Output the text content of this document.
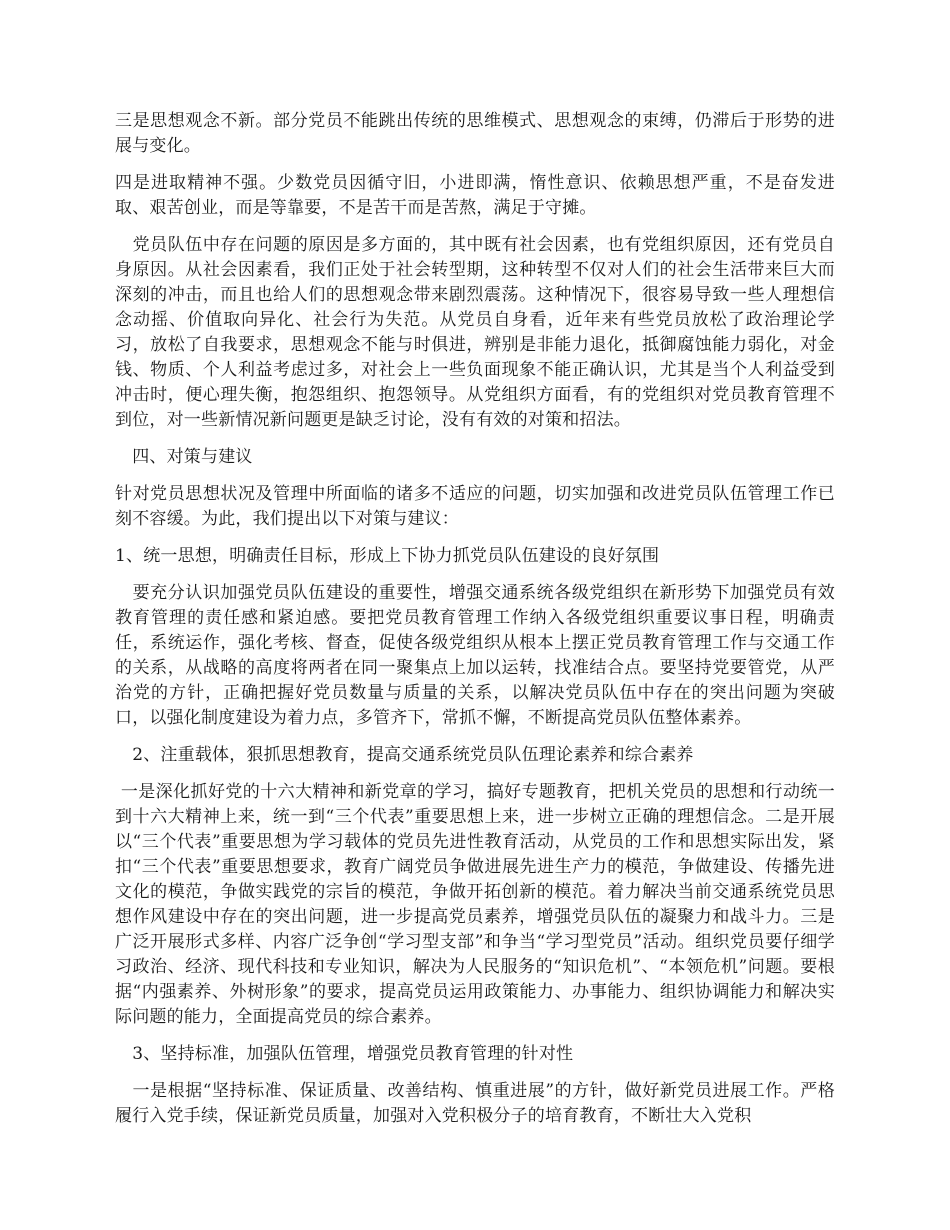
三是思想观念不新。部分党员不能跳出传统的思维模式、思想观念的束缚，仍滞后于形势的进展与变化。

四是进取精神不强。少数党员因循守旧，小进即满，惰性意识、依赖思想严重，不是奋发进取、艰苦创业，而是等靠要，不是苦干而是苦熬，满足于守摊。

　党员队伍中存在问题的原因是多方面的，其中既有社会因素，也有党组织原因，还有党员自身原因。从社会因素看，我们正处于社会转型期，这种转型不仅对人们的社会生活带来巨大而深刻的冲击，而且也给人们的思想观念带来剧烈震荡。这种情况下，很容易导致一些人理想信念动摇、价值取向异化、社会行为失范。从党员自身看，近年来有些党员放松了政治理论学习，放松了自我要求，思想观念不能与时俱进，辨别是非能力退化，抵御腐蚀能力弱化，对金钱、物质、个人利益考虑过多，对社会上一些负面现象不能正确认识，尤其是当个人利益受到冲击时，便心理失衡，抱怨组织、抱怨领导。从党组织方面看，有的党组织对党员教育管理不到位，对一些新情况新问题更是缺乏讨论，没有有效的对策和招法。

　四、对策与建议

针对党员思想状况及管理中所面临的诸多不适应的问题，切实加强和改进党员队伍管理工作已刻不容缓。为此，我们提出以下对策与建议：

1、统一思想，明确责任目标，形成上下协力抓党员队伍建设的良好氛围

　要充分认识加强党员队伍建设的重要性，增强交通系统各级党组织在新形势下加强党员有效教育管理的责任感和紧迫感。要把党员教育管理工作纳入各级党组织重要议事日程，明确责任，系统运作，强化考核、督查，促使各级党组织从根本上摆正党员教育管理工作与交通工作的关系，从战略的高度将两者在同一聚集点上加以运转，找准结合点。要坚持党要管党，从严治党的方针，正确把握好党员数量与质量的关系，以解决党员队伍中存在的突出问题为突破口，以强化制度建设为着力点，多管齐下，常抓不懈，不断提高党员队伍整体素养。

　2、注重载体，狠抓思想教育，提高交通系统党员队伍理论素养和综合素养

一是深化抓好党的十六大精神和新党章的学习，搞好专题教育，把机关党员的思想和行动统一到十六大精神上来，统一到“三个代表”重要思想上来，进一步树立正确的理想信念。二是开展以“三个代表”重要思想为学习载体的党员先进性教育活动，从党员的工作和思想实际出发，紧扣“三个代表”重要思想要求，教育广阔党员争做进展先进生产力的模范，争做建设、传播先进文化的模范，争做实践党的宗旨的模范，争做开拓创新的模范。着力解决当前交通系统党员思想作风建设中存在的突出问题，进一步提高党员素养，增强党员队伍的凝聚力和战斗力。三是广泛开展形式多样、内容广泛争创“学习型支部”和争当“学习型党员”活动。组织党员要仔细学习政治、经济、现代科技和专业知识，解决为人民服务的“知识危机”、“本领危机”问题。要根据“内强素养、外树形象”的要求，提高党员运用政策能力、办事能力、组织协调能力和解决实际问题的能力，全面提高党员的综合素养。

　3、坚持标准，加强队伍管理，增强党员教育管理的针对性

　一是根据“坚持标准、保证质量、改善结构、慎重进展”的方针，做好新党员进展工作。严格履行入党手续，保证新党员质量，加强对入党积极分子的培育教育，不断壮大入党积
